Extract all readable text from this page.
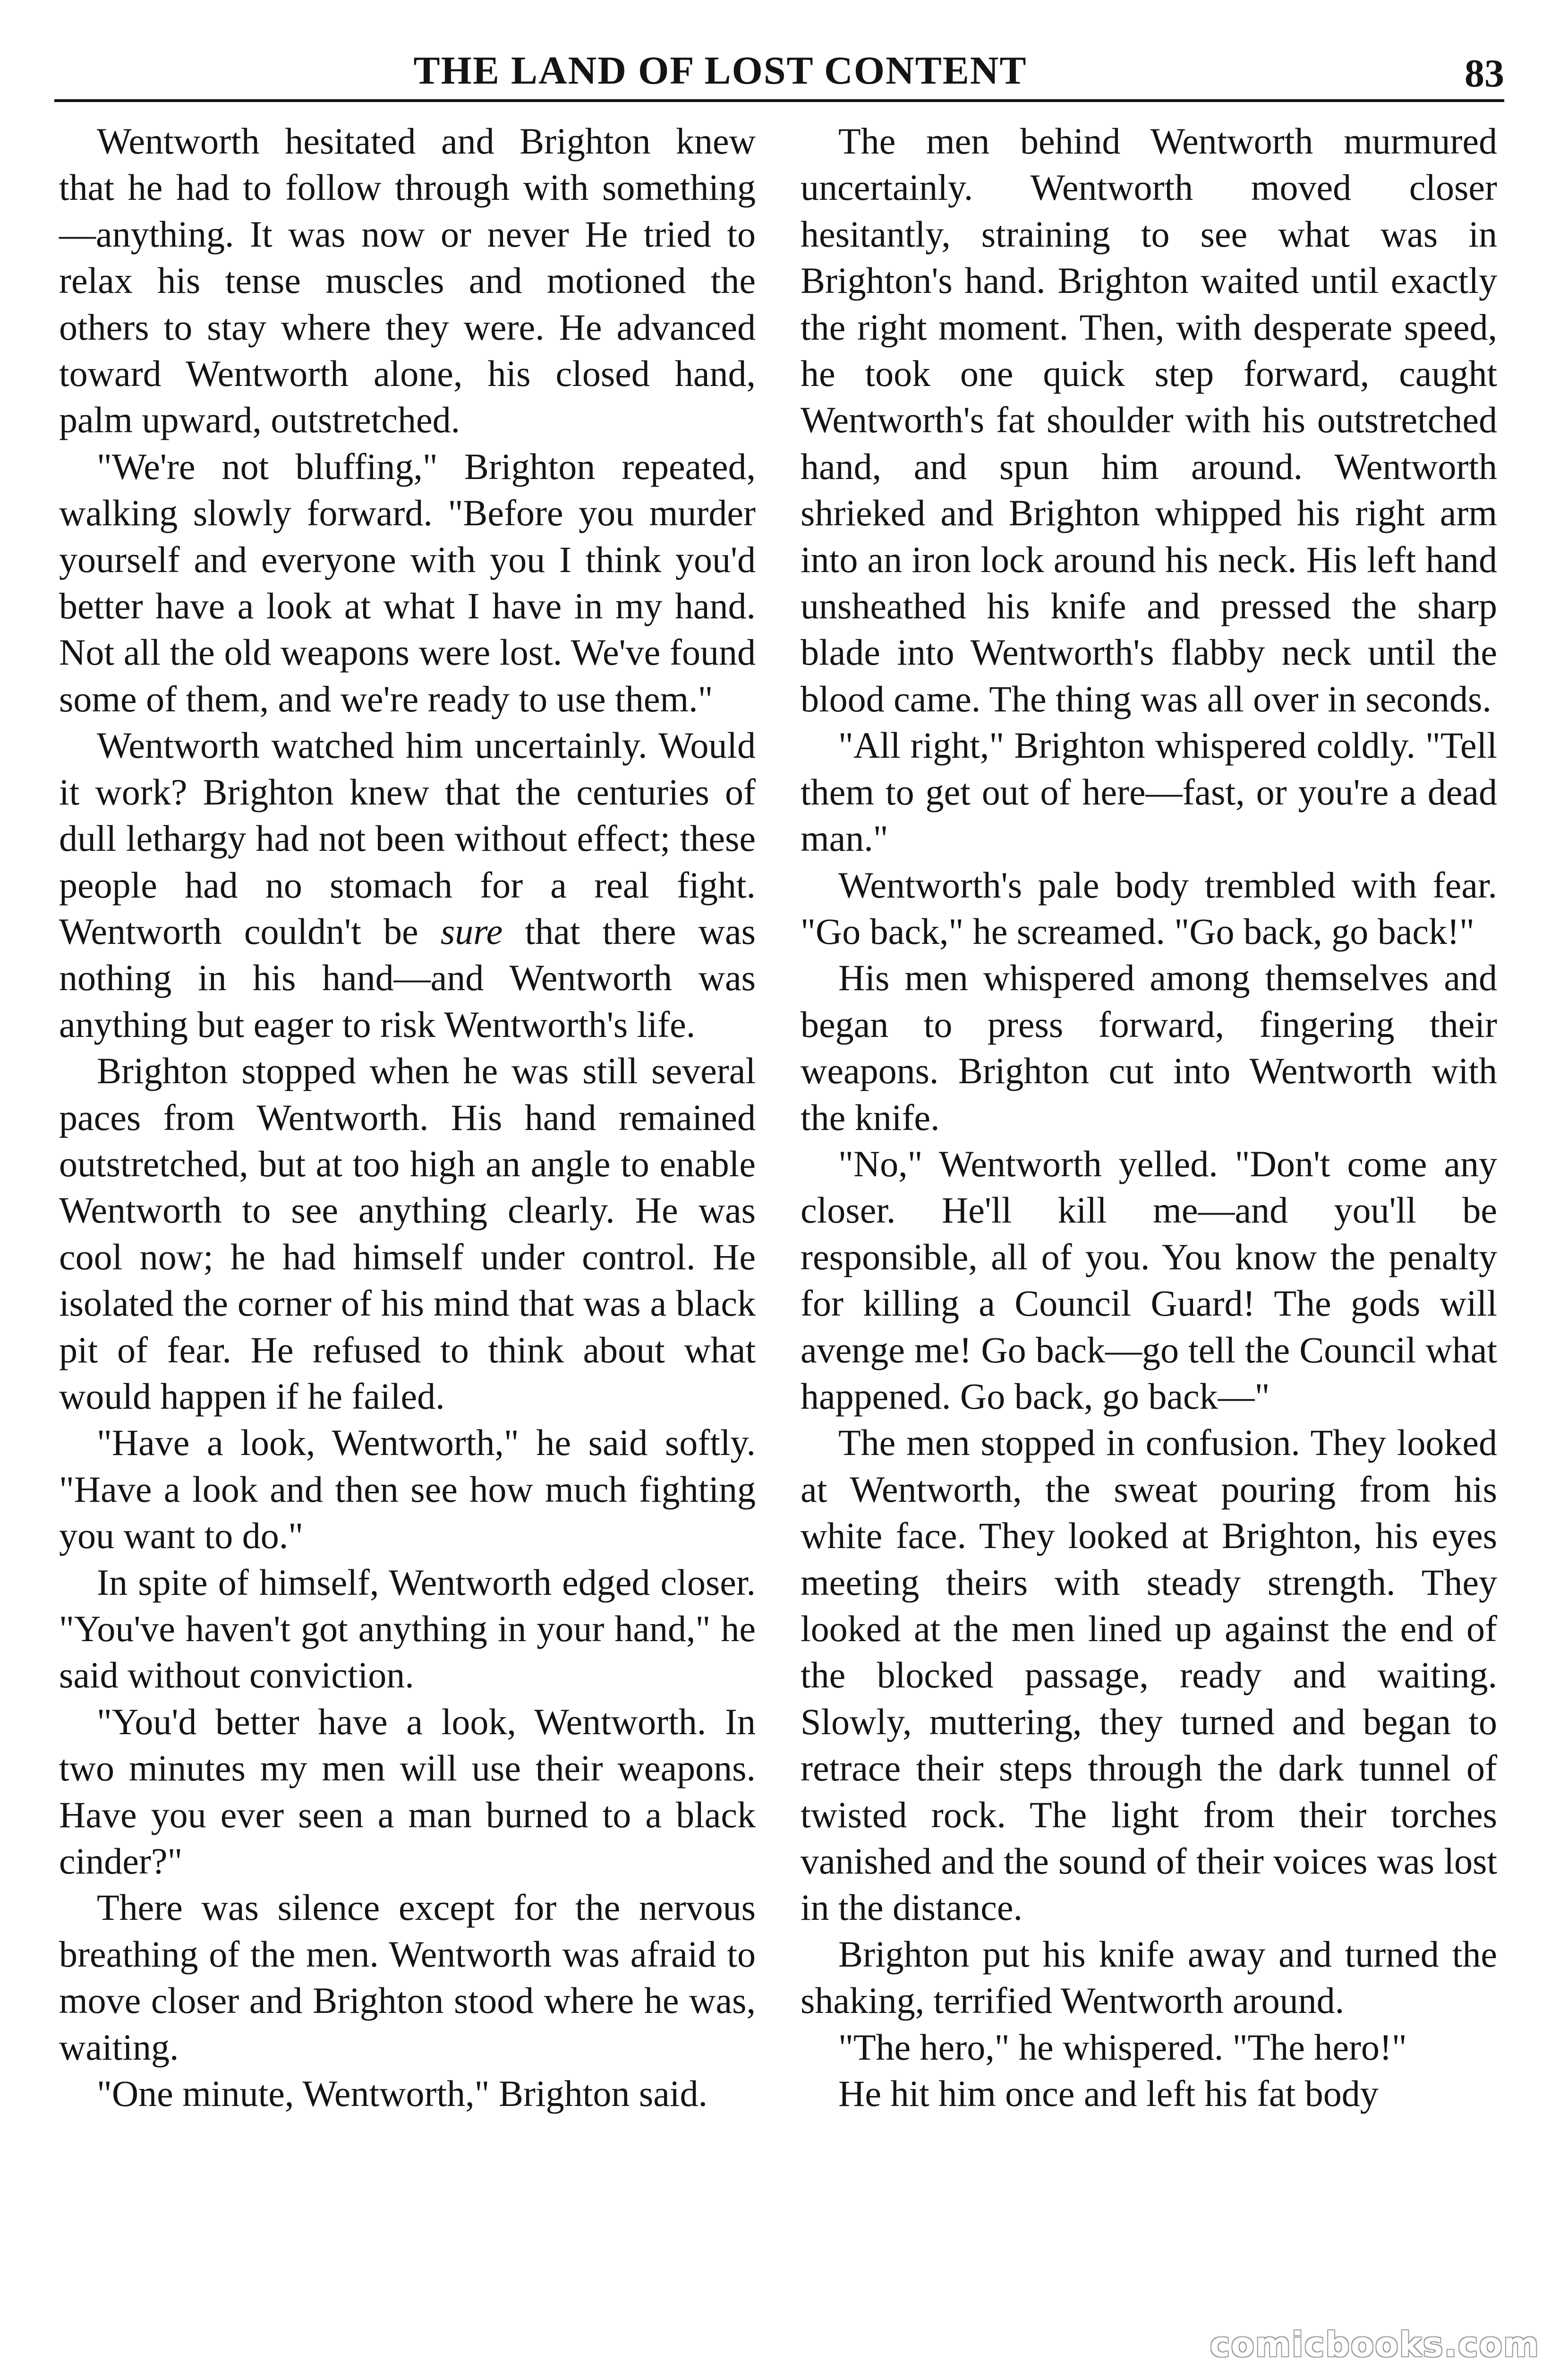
THE LAND OF LOST CONTENT	83

Wentworth hesitated and Brighton knew that he had to follow through with something—anything. It was now or never He tried to relax his tense muscles and motioned the others to stay where they were. He advanced toward Wentworth alone, his closed hand, palm upward, outstretched.

"We're not bluffing," Brighton repeated, walking slowly forward. "Before you murder yourself and everyone with you I think you'd better have a look at what I have in my hand. Not all the old weapons were lost. We've found some of them, and we're ready to use them."

Wentworth watched him uncertainly. Would it work? Brighton knew that the centuries of dull lethargy had not been without effect; these people had no stomach for a real fight. Wentworth couldn't be sure that there was nothing in his hand—and Wentworth was anything but eager to risk Wentworth's life.

Brighton stopped when he was still several paces from Wentworth. His hand remained outstretched, but at too high an angle to enable Wentworth to see anything clearly. He was cool now; he had himself under control. He isolated the corner of his mind that was a black pit of fear. He refused to think about what would happen if he failed.

"Have a look, Wentworth," he said softly. "Have a look and then see how much fighting you want to do."

In spite of himself, Wentworth edged closer. "You've haven't got anything in your hand," he said without conviction.

"You'd better have a look, Wentworth. In two minutes my men will use their weapons. Have you ever seen a man burned to a black cinder?"

There was silence except for the nervous breathing of the men. Wentworth was afraid to move closer and Brighton stood where he was, waiting.

"One minute, Wentworth," Brighton said.

The men behind Wentworth murmured uncertainly. Wentworth moved closer hesitantly, straining to see what was in Brighton's hand. Brighton waited until exactly the right moment. Then, with desperate speed, he took one quick step forward, caught Wentworth's fat shoulder with his outstretched hand, and spun him around. Wentworth shrieked and Brighton whipped his right arm into an iron lock around his neck. His left hand unsheathed his knife and pressed the sharp blade into Wentworth's flabby neck until the blood came. The thing was all over in seconds.

"All right," Brighton whispered coldly. "Tell them to get out of here—fast, or you're a dead man."

Wentworth's pale body trembled with fear. "Go back," he screamed. "Go back, go back!"

His men whispered among themselves and began to press forward, fingering their weapons. Brighton cut into Wentworth with the knife.

"No," Wentworth yelled. "Don't come any closer. He'll kill me—and you'll be responsible, all of you. You know the penalty for killing a Council Guard! The gods will avenge me! Go back—go tell the Council what happened. Go back, go back—"

The men stopped in confusion. They looked at Wentworth, the sweat pouring from his white face. They looked at Brighton, his eyes meeting theirs with steady strength. They looked at the men lined up against the end of the blocked passage, ready and waiting. Slowly, muttering, they turned and began to retrace their steps through the dark tunnel of twisted rock. The light from their torches vanished and the sound of their voices was lost in the distance.

Brighton put his knife away and turned the shaking, terrified Wentworth around.

"The hero," he whispered. "The hero!"

He hit him once and left his fat body

comicbooks.com
